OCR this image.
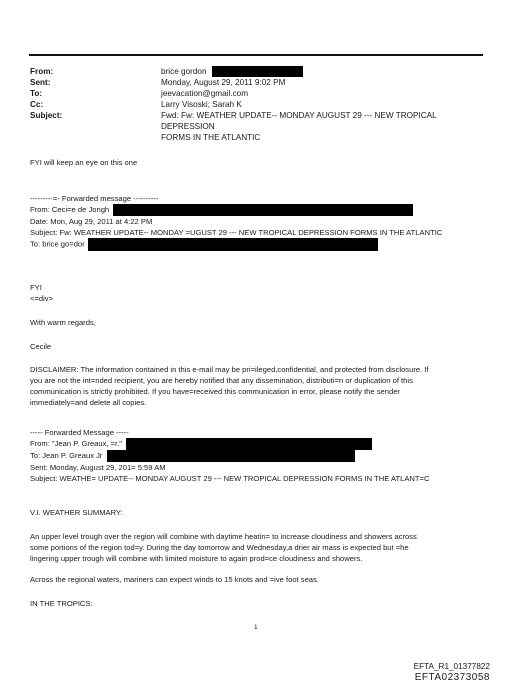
From:	brice gordon
Sent:	Monday, August 29, 2011 9:02 PM
To:	jeevacation@gmail.com
Cc:	Larry Visoski; Sarah K
Subject:	Fwd: Fw: WEATHER UPDATE-- MONDAY AUGUST 29 --- NEW TROPICAL DEPRESSION
FORMS IN THE ATLANTIC

FYI will keep an eye on this one

---------=- Forwarded message ----------

From: Ceci=e de Jongh

Date: Mon, Aug 29, 2011 at 4:22 PM

Subject: Fw: WEATHER UPDATE-- MONDAY =UGUST 29 --- NEW TROPICAL DEPRESSION FORMS IN THE ATLANTIC

To: brice go=dor

FYI

<=div>

With warm regards,

Cecile

DISCLAIMER: The information contained in this e-mail may be pri=ileged,confidential, and protected from disclosure. If

you are not the int=nded recipient, you are hereby notified that any dissemination, distributi=n or duplication of this

communication is strictly prohibited. If you have=received this communication in error, please notify the sender

immediately=and delete all copies.

----- Forwarded Message -----

From: "Jean P. Greaux, =r."

To: Jean P. Greaux Jr

Sent: Monday, August 29, 201= 5:59 AM

Subject: WEATHE= UPDATE-- MONDAY AUGUST 29 --- NEW TROPICAL DEPRESSION FORMS IN THE ATLANT=C

V.I. WEATHER SUMMARY:

An upper level trough over the region will combine with daytime heatin= to increase cloudiness and showers across

some portions of the region tod=y. During the day tomorrow and Wednesday,a drier air mass is expected but =he

lingering upper trough will combine with limited moisture to again prod=ce cloudiness and showers.

Across the regional waters, mariners can expect winds to 15 knots and =ive foot seas.

IN THE TROPICS:

1
EFTA_R1_01377822
EFTA02373058
